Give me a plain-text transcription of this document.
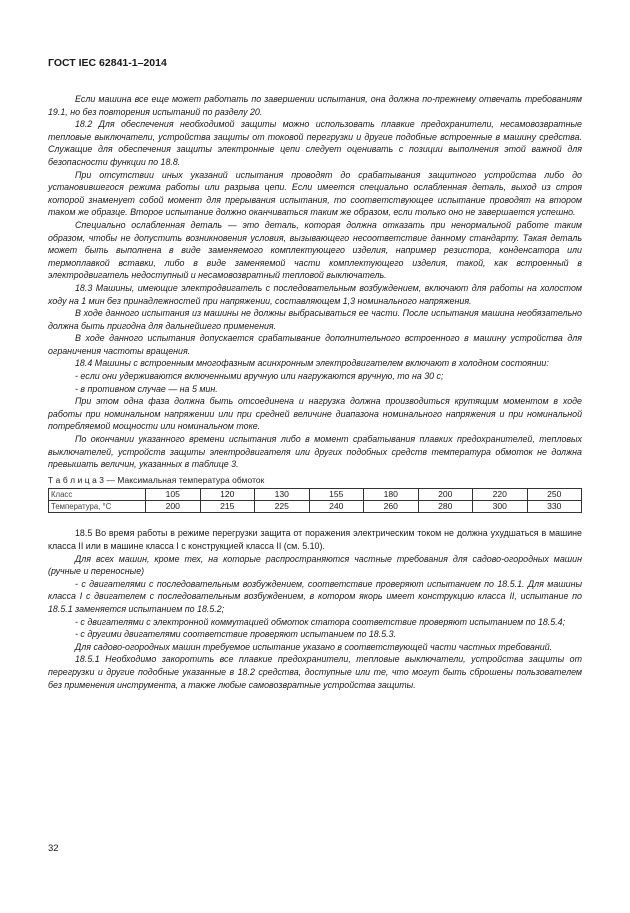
ГОСТ IEC 62841-1–2014

Если машина все еще может работать по завершении испытания, она должна по-прежнему отвечать требованиям 19.1, но без повторения испытаний по разделу 20.

18.2 Для обеспечения необходимой защиты можно использовать плавкие предохранители, несамовозвратные тепловые выключатели, устройства защиты от токовой перегрузки и другие подобные встроенные в машину средства. Служащие для обеспечения защиты электронные цепи следует оценивать с позиции выполнения этой важной для безопасности функции по 18.8.

При отсутствии иных указаний испытания проводят до срабатывания защитного устройства либо до установившегося режима работы или разрыва цепи. Если имеется специально ослабленная деталь, выход из строя которой знаменует собой момент для прерывания испытания, то соответствующее испытание проводят на втором таком же образце. Второе испытание должно оканчиваться таким же образом, если только оно не завершается успешно.

Специально ослабленная деталь — это деталь, которая должна отказать при ненормальной работе таким образом, чтобы не допустить возникновения условия, вызывающего несоответствие данному стандарту. Такая деталь может быть выполнена в виде заменяемого комплектующего изделия, например резистора, конденсатора или термоплавкой вставки, либо в виде заменяемой части комплектующего изделия, такой, как встроенный в электродвигатель недоступный и несамовозвратный тепловой выключатель.

18.3 Машины, имеющие электродвигатель с последовательным возбуждением, включают для работы на холостом ходу на 1 мин без принадлежностей при напряжении, составляющем 1,3 номинального напряжения.

В ходе данного испытания из машины не должны выбрасываться ее части. После испытания машина необязательно должна быть пригодна для дальнейшего применения.

В ходе данного испытания допускается срабатывание дополнительного встроенного в машину устройства для ограничения частоты вращения.

18.4 Машины с встроенным многофазным асинхронным электродвигателем включают в холодном состоянии:

- если они удерживаются включенными вручную или нагружаются вручную, то на 30 с;

- в противном случае — на 5 мин.

При этом одна фаза должна быть отсоединена и нагрузка должна производиться крутящим моментом в ходе работы при номинальном напряжении или при средней величине диапазона номинального напряжения и при номинальной потребляемой мощности или номинальном токе.

По окончании указанного времени испытания либо в момент срабатывания плавких предохранителей, тепловых выключателей, устройств защиты электродвигателя или других подобных средств температура обмоток не должна превышать величин, указанных в таблице 3.

Т а б л и ц а 3 — Максимальная температура обмоток

Класс	105	120	130	155	180	200	220	250
Температура, °С	200	215	225	240	260	280	300	330

18.5 Во время работы в режиме перегрузки защита от поражения электрическим током не должна ухудшаться в машине класса II или в машине класса I с конструкцией класса II (см. 5.10).

Для всех машин, кроме тех, на которые распространяются частные требования для садово-огородных машин (ручные и переносные)

- с двигателями с последовательным возбуждением, соответствие проверяют испытанием по 18.5.1. Для машины класса I с двигателем с последовательным возбуждением, в котором якорь имеет конструкцию класса II, испытание по 18.5.1 заменяется испытанием по 18.5.2;

- с двигателями с электронной коммутацией обмоток статора соответствие проверяют испытанием по 18.5.4;

- с другими двигателями соответствие проверяют испытанием по 18.5.3.

Для садово-огородных машин требуемое испытание указано в соответствующей части частных требований.

18.5.1 Необходимо закоротить все плавкие предохранители, тепловые выключатели, устройства защиты от перегрузки и другие подобные указанные в 18.2 средства, доступные или те, что могут быть сброшены пользователем без применения инструмента, а также любые самовозвратные устройства защиты.

32
